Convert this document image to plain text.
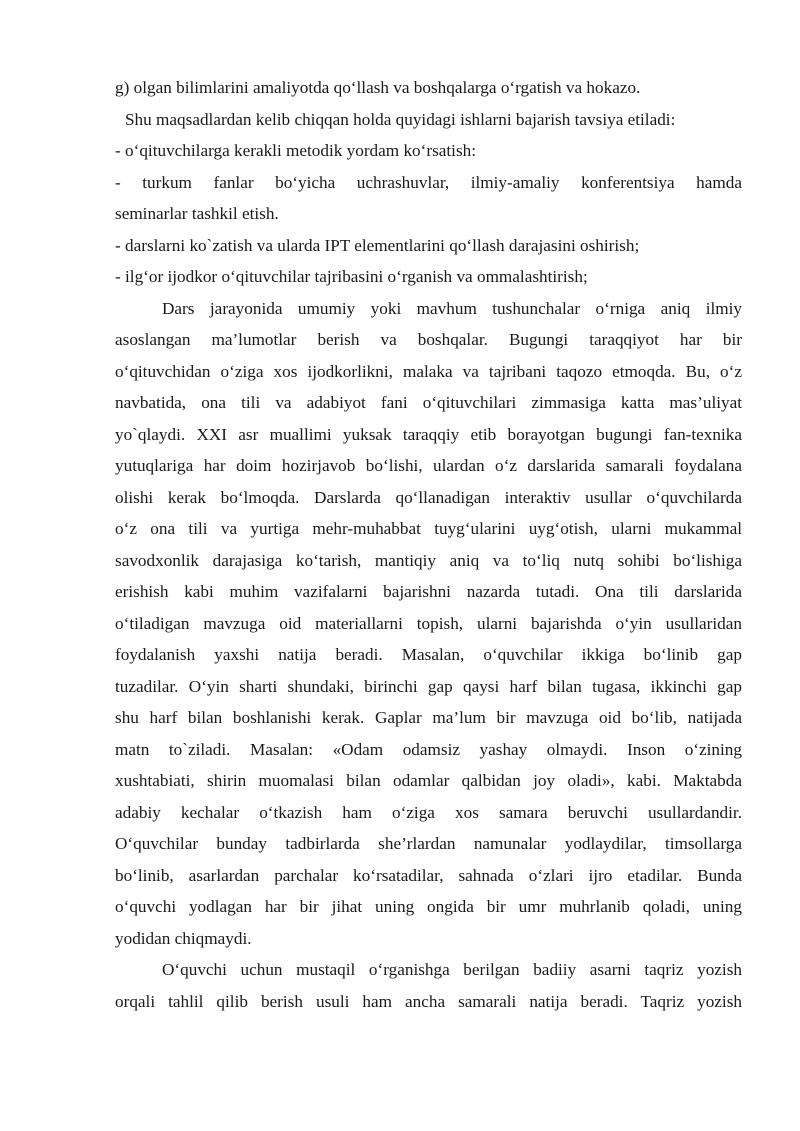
g) olgan bilimlarini amaliyotda qo‘llash va boshqalarga o‘rgatish va hokazo.
Shu maqsadlardan kelib chiqqan holda quyidagi ishlarni bajarish tavsiya etiladi:
- o‘qituvchilarga kerakli metodik yordam ko‘rsatish:
- turkum fanlar bo‘yicha uchrashuvlar, ilmiy-amaliy konferentsiya hamda
seminarlar tashkil etish.
- darslarni ko`zatish va ularda IPT elementlarini qo‘llash darajasini oshirish;
- ilg‘or ijodkor o‘qituvchilar tajribasini o‘rganish va ommalashtirish;
Dars jarayonida umumiy yoki mavhum tushunchalar o‘rniga aniq ilmiy
asoslangan ma’lumotlar berish va boshqalar. Bugungi taraqqiyot har bir
o‘qituvchidan o‘ziga xos ijodkorlikni, malaka va tajribani taqozo etmoqda. Bu, o‘z
navbatida, ona tili va adabiyot fani o‘qituvchilari zimmasiga katta mas’uliyat
yo`qlaydi. XXI asr muallimi yuksak taraqqiy etib borayotgan bugungi fan-texnika
yutuqlariga har doim hozirjavob bo‘lishi, ulardan o‘z darslarida samarali foydalana
olishi kerak bo‘lmoqda. Darslarda qo‘llanadigan interaktiv usullar o‘quvchilarda
o‘z ona tili va yurtiga mehr-muhabbat tuyg‘ularini uyg‘otish, ularni mukammal
savodxonlik darajasiga ko‘tarish, mantiqiy aniq va to‘liq nutq sohibi bo‘lishiga
erishish kabi muhim vazifalarni bajarishni nazarda tutadi. Ona tili darslarida
o‘tiladigan mavzuga oid materiallarni topish, ularni bajarishda o‘yin usullaridan
foydalanish yaxshi natija beradi. Masalan, o‘quvchilar ikkiga bo‘linib gap
tuzadilar. O‘yin sharti shundaki, birinchi gap qaysi harf bilan tugasa, ikkinchi gap
shu harf bilan boshlanishi kerak. Gaplar ma’lum bir mavzuga oid bo‘lib, natijada
matn to`ziladi. Masalan: «Odam odamsiz yashay olmaydi. Inson o‘zining
xushtabiati, shirin muomalasi bilan odamlar qalbidan joy oladi», kabi. Maktabda
adabiy kechalar o‘tkazish ham o‘ziga xos samara beruvchi usullardandir.
O‘quvchilar bunday tadbirlarda she’rlardan namunalar yodlaydilar, timsollarga
bo‘linib, asarlardan parchalar ko‘rsatadilar, sahnada o‘zlari ijro etadilar. Bunda
o‘quvchi yodlagan har bir jihat uning ongida bir umr muhrlanib qoladi, uning
yodidan chiqmaydi.
O‘quvchi uchun mustaqil o‘rganishga berilgan badiiy asarni taqriz yozish
orqali tahlil qilib berish usuli ham ancha samarali natija beradi. Taqriz yozish
